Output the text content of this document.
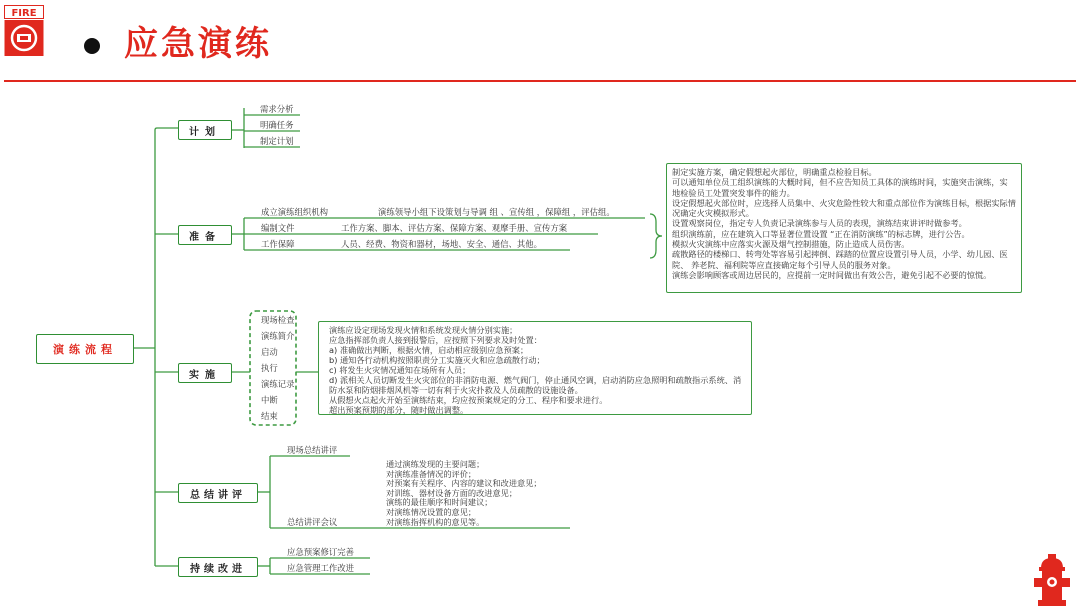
FIRE
应急演练
演练流程
计划
准备
实施
总结讲评
持续改进
需求分析
明确任务
制定计划
成立演练组织机构	演练领导小组下设策划与导调 组 、宣传组 ，保障组 ，评估组。
编制文件	工作方案、脚本、评估方案、保障方案、观摩手册、宣传方案
工作保障	人员、经费、物资和器材，场地、安全、通信、其他。
制定实施方案，确定假想起火部位，明确重点检验目标。
可以通知单位员工组织演练的大概时间，但不应告知员工具体的演练时间，实施突击演练，实 地检验员工处置突发事件的能力。
设定假想起火部位时，应选择人员集中、火灾危险性较大和重点部位作为演练目标，根据实际情况确定火灾模拟形式。
设置观察岗位，指定专人负责记录演练参与人员的表现，演练结束讲评时做参考。
组织演练前，应在建筑入口等显著位置设置 “正在消防演练”的标志牌，进行公告。
模拟火灾演练中应落实火源及烟气控制措施，防止造成人员伤害。
疏散路径的楼梯口、转弯处等容易引起摔倒、踩踏的位置应设置引导人员，小学、幼儿园、医院、 养老院、福利院等应直接确定每个引导人员的服务对象。
演练会影响顾客或周边居民的，应提前一定时间做出有效公告，避免引起不必要的惊慌。
现场检查
演练简介
启动
执行
演练记录
中断
结束
演练应设定现场发现火情和系统发现火情分别实施；
应急指挥部负责人接到报警后，应按照下列要求及时处置：
a) 准确做出判断，根据火情，启动相应级别应急预案；
b) 通知各行动机构按照职责分工实施灭火和应急疏散行动；
c) 将发生火灾情况通知在场所有人员；
d) 派相关人员切断发生火灾部位的非消防电源、燃气阀门，停止通风空调，启动消防应急照明和疏散指示系统、消防水泵和防烟排烟风机等一切有利于火灾扑救及人员疏散的设施设备。
从假想火点起火开始至演练结束，均应按预案规定的分工、程序和要求进行。
超出预案预期的部分，随时做出调整。
现场总结讲评
总结讲评会议
通过演练发现的主要问题；
对演练准备情况的评价；
对预案有关程序、内容的建议和改进意见；
对训练、器材设备方面的改进意见；
演练的最佳顺序和时间建议；
对演练情况设置的意见；
对演练指挥机构的意见等。
应急预案修订完善
应急管理工作改进
